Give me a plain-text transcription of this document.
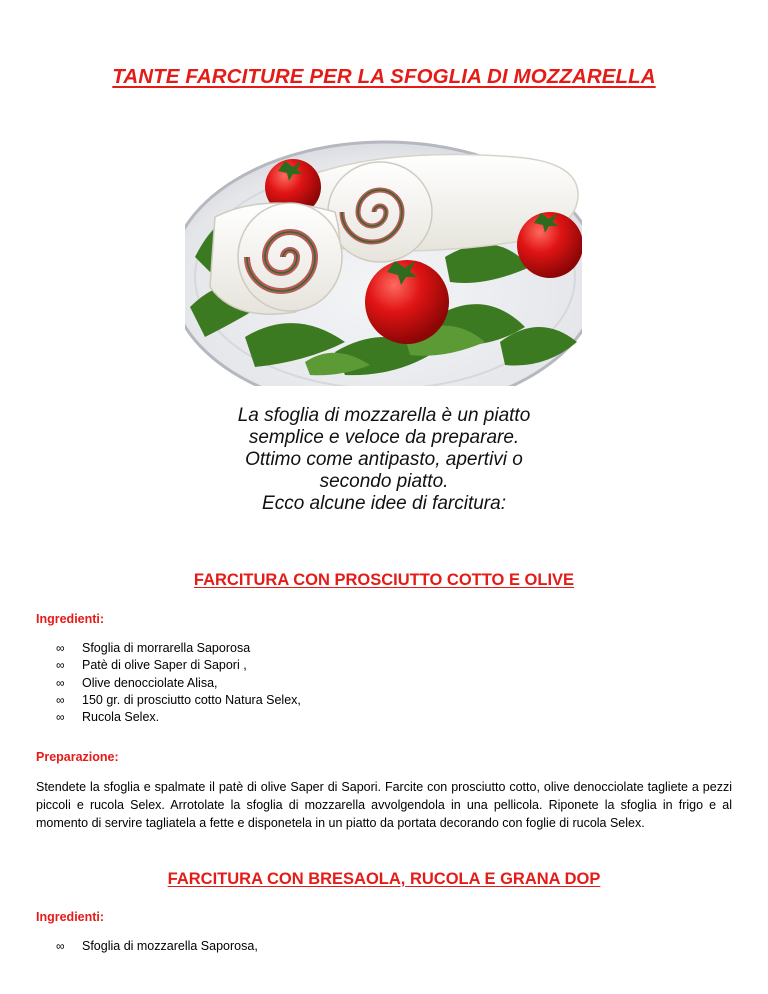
TANTE FARCITURE PER LA SFOGLIA DI MOZZARELLA
La sfoglia di mozzarella è un piatto
semplice e veloce da preparare.
Ottimo come antipasto, apertivi o
secondo piatto.
Ecco alcune idee di farcitura:
FARCITURA CON PROSCIUTTO COTTO E OLIVE
Ingredienti:
∞ Sfoglia di morrarella Saporosa
∞ Patè di olive Saper di Sapori ,
∞ Olive denocciolate Alisa,
∞ 150 gr. di prosciutto cotto Natura Selex,
∞ Rucola Selex.
Preparazione:
Stendete la sfoglia e spalmate il patè di olive Saper di Sapori. Farcite con prosciutto cotto, olive denocciolate tagliete a pezzi piccoli e rucola Selex. Arrotolate la sfoglia di mozzarella avvolgendola in una pellicola. Riponete la sfoglia in frigo e al momento di servire tagliatela a fette e disponetela in un piatto da portata decorando con foglie di rucola Selex.
FARCITURA CON BRESAOLA, RUCOLA E GRANA DOP
Ingredienti:
∞ Sfoglia di mozzarella Saporosa,
